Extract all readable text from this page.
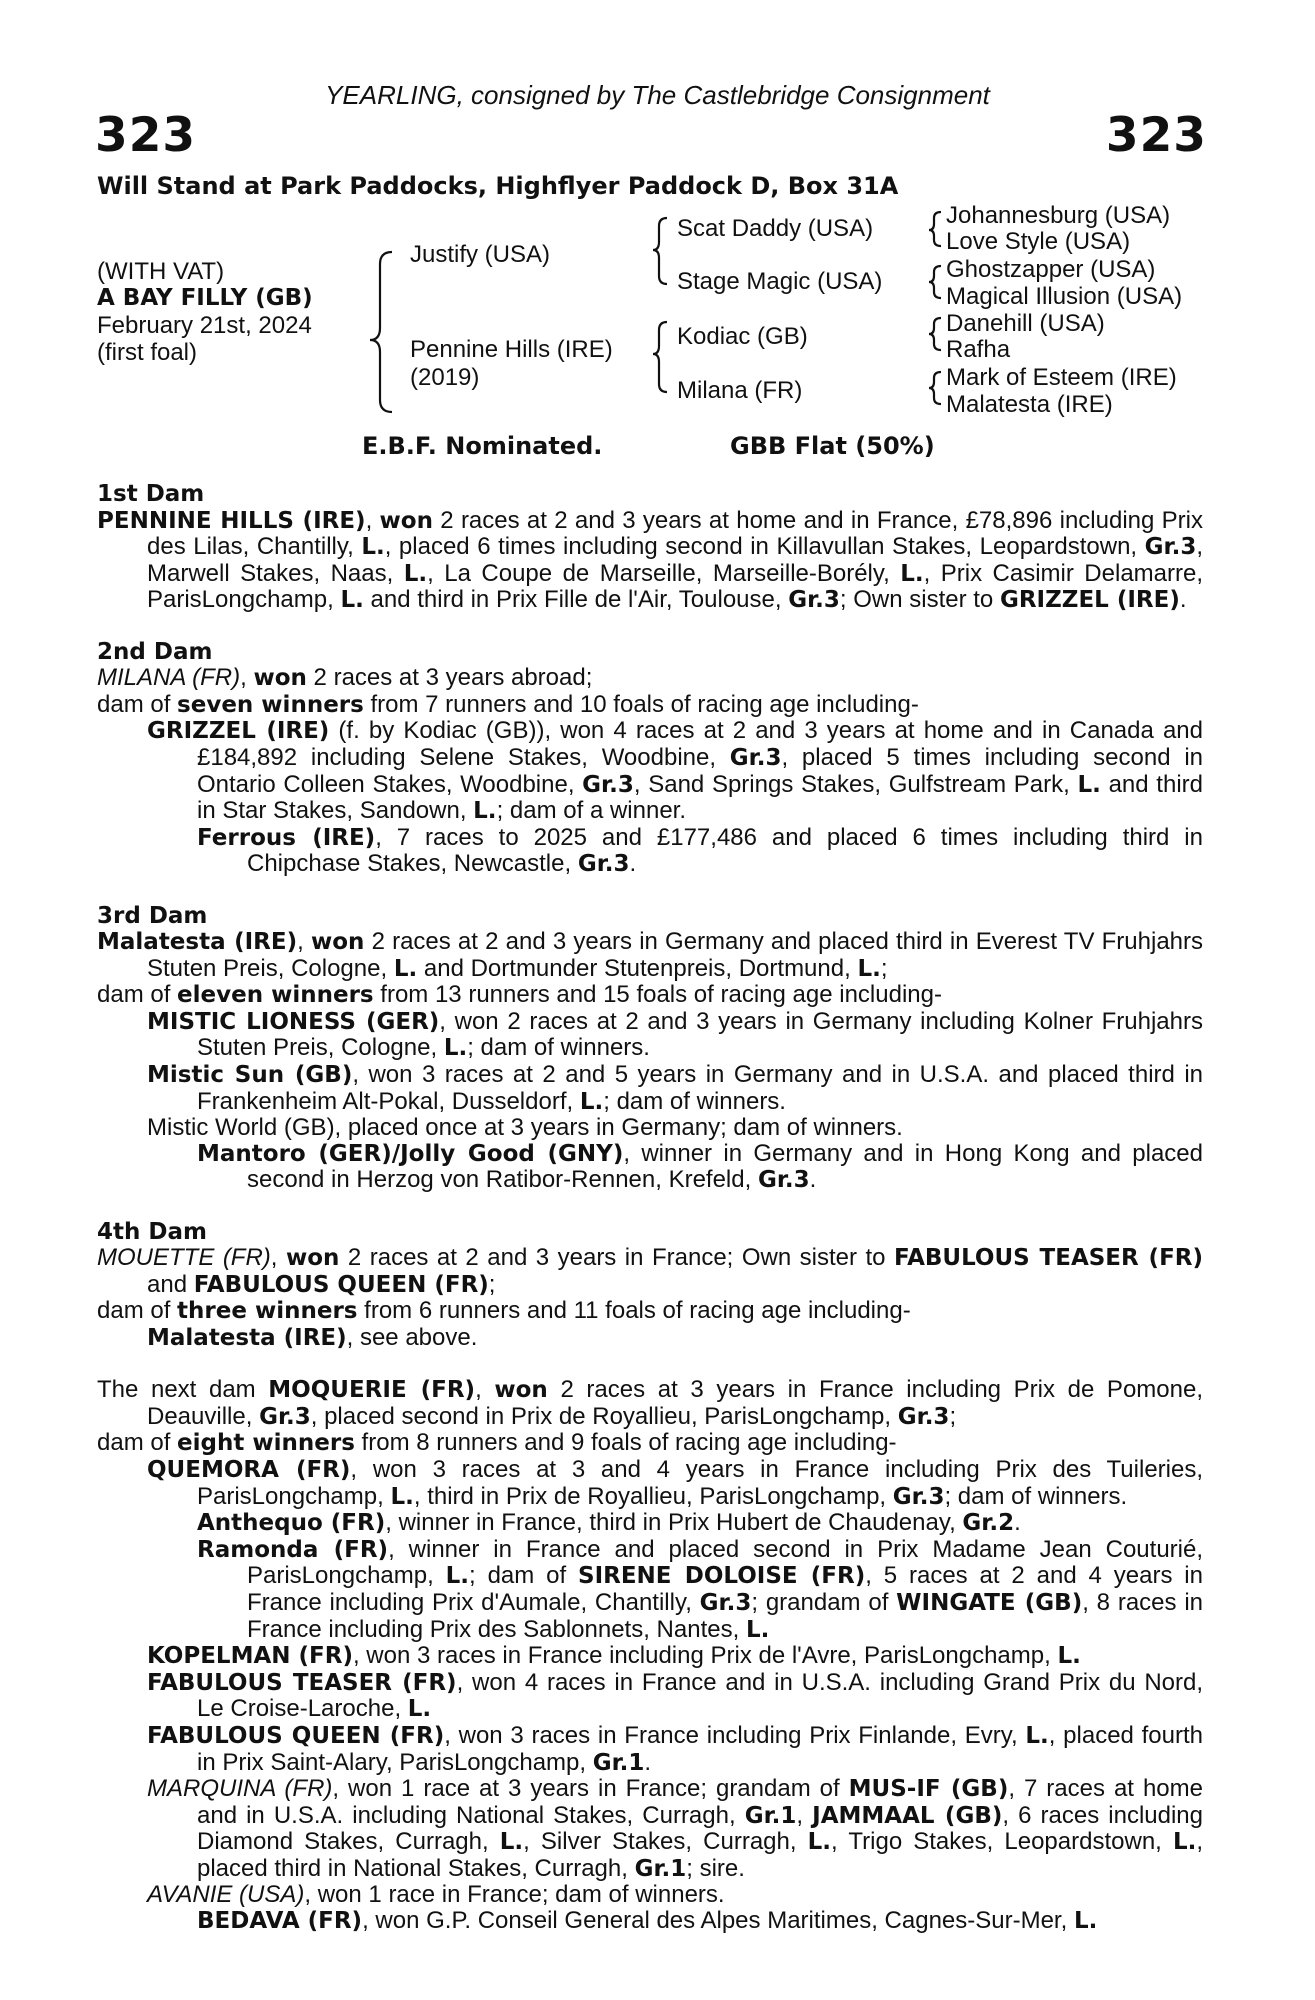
YEARLING, consigned by The Castlebridge Consignment
323	323
Will Stand at Park Paddocks, Highflyer Paddock D, Box 31A
(WITH VAT)
A BAY FILLY (GB)
February 21st, 2024
(first foal)
Justify (USA)
Pennine Hills (IRE)
(2019)
Scat Daddy (USA)
Stage Magic (USA)
Kodiac (GB)
Milana (FR)
Johannesburg (USA)
Love Style (USA)
Ghostzapper (USA)
Magical Illusion (USA)
Danehill (USA)
Rafha
Mark of Esteem (IRE)
Malatesta (IRE)
E.B.F. Nominated.	GBB Flat (50%)

1st Dam

PENNINE HILLS (IRE), won 2 races at 2 and 3 years at home and in France, £78,896 including Prix des Lilas, Chantilly, L., placed 6 times including second in Killavullan Stakes, Leopardstown, Gr.3, Marwell Stakes, Naas, L., La Coupe de Marseille, Marseille-Borély, L., Prix Casimir Delamarre, ParisLongchamp, L. and third in Prix Fille de l'Air, Toulouse, Gr.3; Own sister to GRIZZEL (IRE).

2nd Dam

MILANA (FR), won 2 races at 3 years abroad;

dam of seven winners from 7 runners and 10 foals of racing age including-

GRIZZEL (IRE) (f. by Kodiac (GB)), won 4 races at 2 and 3 years at home and in Canada and £184,892 including Selene Stakes, Woodbine, Gr.3, placed 5 times including second in Ontario Colleen Stakes, Woodbine, Gr.3, Sand Springs Stakes, Gulfstream Park, L. and third in Star Stakes, Sandown, L.; dam of a winner.

Ferrous (IRE), 7 races to 2025 and £177,486 and placed 6 times including third in Chipchase Stakes, Newcastle, Gr.3.

3rd Dam

Malatesta (IRE), won 2 races at 2 and 3 years in Germany and placed third in Everest TV Fruhjahrs Stuten Preis, Cologne, L. and Dortmunder Stutenpreis, Dortmund, L.;

dam of eleven winners from 13 runners and 15 foals of racing age including-

MISTIC LIONESS (GER), won 2 races at 2 and 3 years in Germany including Kolner Fruhjahrs Stuten Preis, Cologne, L.; dam of winners.

Mistic Sun (GB), won 3 races at 2 and 5 years in Germany and in U.S.A. and placed third in Frankenheim Alt-Pokal, Dusseldorf, L.; dam of winners.

Mistic World (GB), placed once at 3 years in Germany; dam of winners.

Mantoro (GER)/Jolly Good (GNY), winner in Germany and in Hong Kong and placed second in Herzog von Ratibor-Rennen, Krefeld, Gr.3.

4th Dam

MOUETTE (FR), won 2 races at 2 and 3 years in France; Own sister to FABULOUS TEASER (FR) and FABULOUS QUEEN (FR);

dam of three winners from 6 runners and 11 foals of racing age including-

Malatesta (IRE), see above.

The next dam MOQUERIE (FR), won 2 races at 3 years in France including Prix de Pomone, Deauville, Gr.3, placed second in Prix de Royallieu, ParisLongchamp, Gr.3;

dam of eight winners from 8 runners and 9 foals of racing age including-

QUEMORA (FR), won 3 races at 3 and 4 years in France including Prix des Tuileries, ParisLongchamp, L., third in Prix de Royallieu, ParisLongchamp, Gr.3; dam of winners.

Anthequo (FR), winner in France, third in Prix Hubert de Chaudenay, Gr.2.

Ramonda (FR), winner in France and placed second in Prix Madame Jean Couturié, ParisLongchamp, L.; dam of SIRENE DOLOISE (FR), 5 races at 2 and 4 years in France including Prix d'Aumale, Chantilly, Gr.3; grandam of WINGATE (GB), 8 races in France including Prix des Sablonnets, Nantes, L.

KOPELMAN (FR), won 3 races in France including Prix de l'Avre, ParisLongchamp, L.

FABULOUS TEASER (FR), won 4 races in France and in U.S.A. including Grand Prix du Nord, Le Croise-Laroche, L.

FABULOUS QUEEN (FR), won 3 races in France including Prix Finlande, Evry, L., placed fourth in Prix Saint-Alary, ParisLongchamp, Gr.1.

MARQUINA (FR), won 1 race at 3 years in France; grandam of MUS-IF (GB), 7 races at home and in U.S.A. including National Stakes, Curragh, Gr.1, JAMMAAL (GB), 6 races including Diamond Stakes, Curragh, L., Silver Stakes, Curragh, L., Trigo Stakes, Leopardstown, L., placed third in National Stakes, Curragh, Gr.1; sire.

AVANIE (USA), won 1 race in France; dam of winners.

BEDAVA (FR), won G.P. Conseil General des Alpes Maritimes, Cagnes-Sur-Mer, L.
